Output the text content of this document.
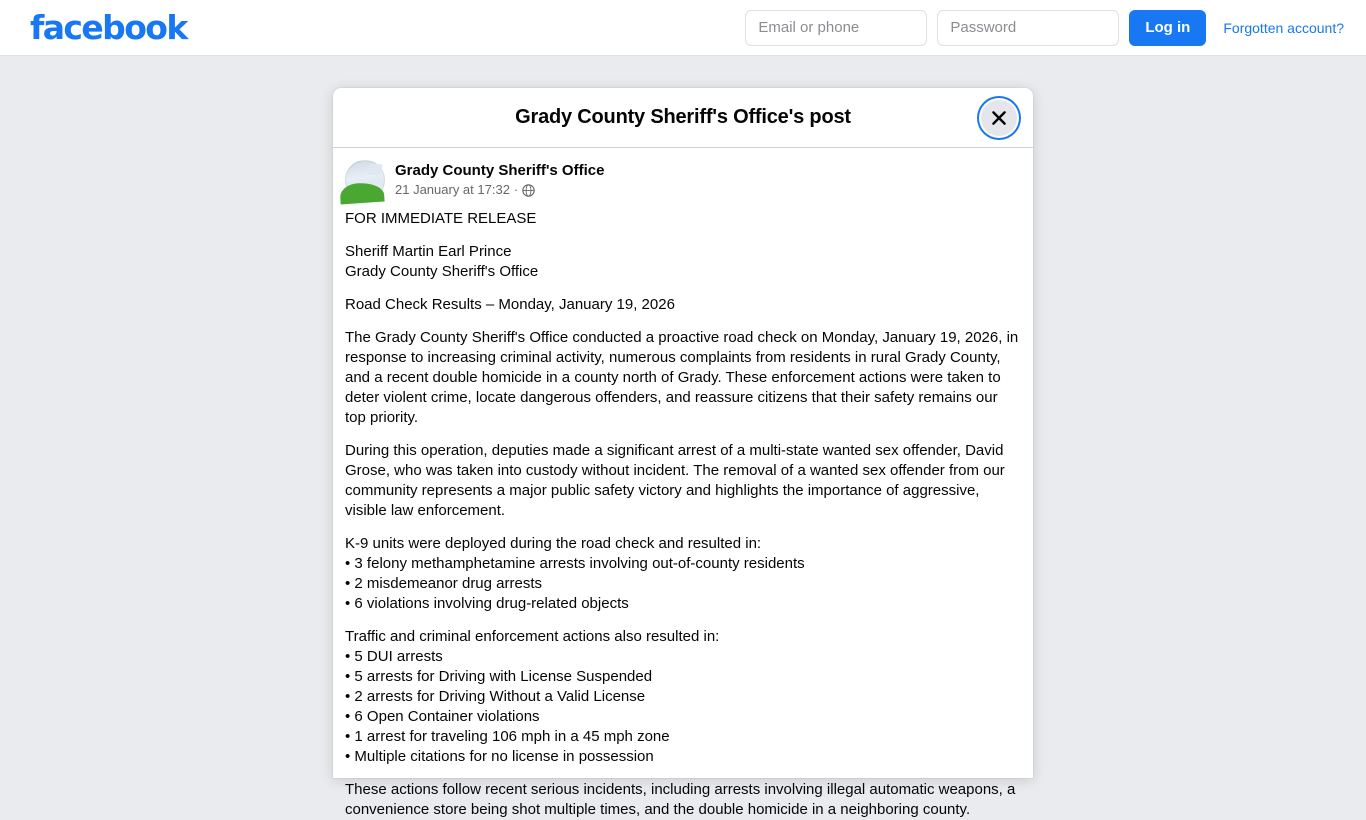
facebook
Email or phone	Log in	Forgotten account?
Grady County Sheriff's Office's post
Grady County Sheriff's Office
21 January at 17:32 ·

FOR IMMEDIATE RELEASE

Sheriff Martin Earl Prince
Grady County Sheriff's Office

Road Check Results – Monday, January 19, 2026

The Grady County Sheriff's Office conducted a proactive road check on Monday, January 19, 2026, in response to increasing criminal activity, numerous complaints from residents in rural Grady County, and a recent double homicide in a county north of Grady. These enforcement actions were taken to deter violent crime, locate dangerous offenders, and reassure citizens that their safety remains our top priority.

During this operation, deputies made a significant arrest of a multi-state wanted sex offender, David Grose, who was taken into custody without incident. The removal of a wanted sex offender from our community represents a major public safety victory and highlights the importance of aggressive, visible law enforcement.

K-9 units were deployed during the road check and resulted in:

• 3 felony methamphetamine arrests involving out-of-county residents
• 2 misdemeanor drug arrests
• 6 violations involving drug-related objects

Traffic and criminal enforcement actions also resulted in:

• 5 DUI arrests
• 5 arrests for Driving with License Suspended
• 2 arrests for Driving Without a Valid License
• 6 Open Container violations
• 1 arrest for traveling 106 mph in a 45 mph zone
• Multiple citations for no license in possession

These actions follow recent serious incidents, including arrests involving illegal automatic weapons, a convenience store being shot multiple times, and the double homicide in a neighboring county.
